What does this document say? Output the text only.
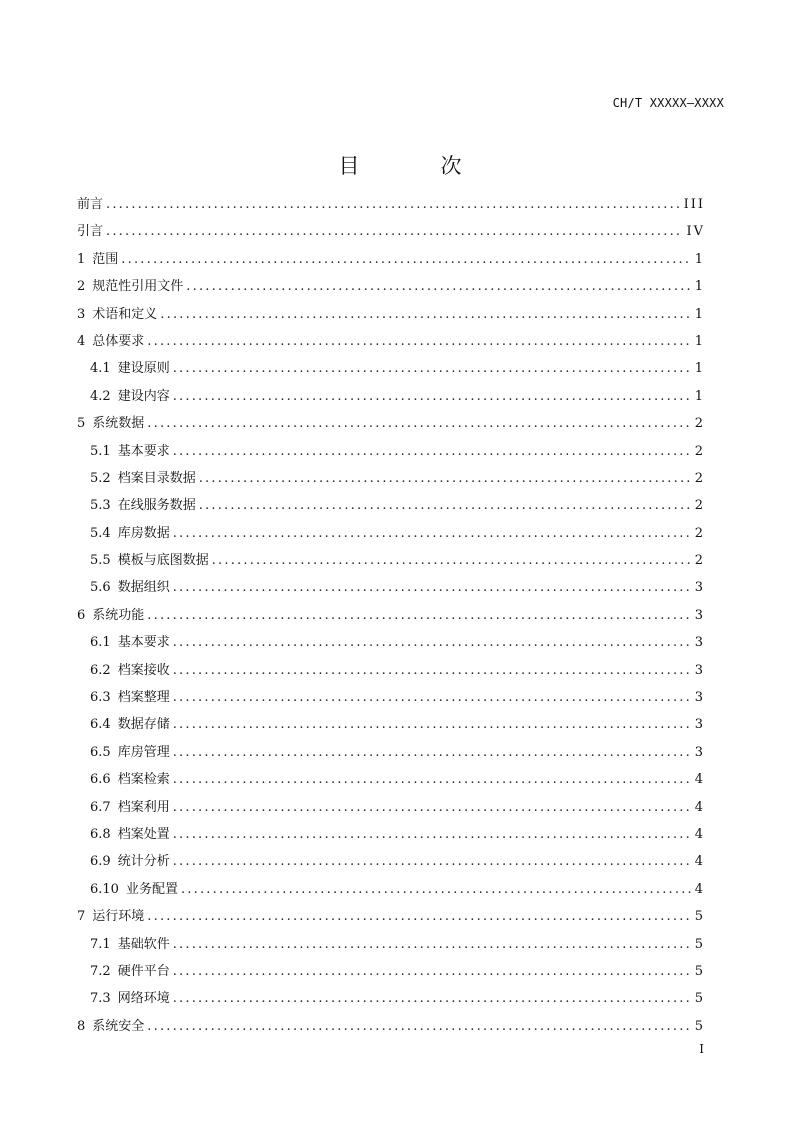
CH/T XXXXX—XXXX
目　次
前言 .....	III
引言 .....	IV
1 范围 .....	1
2 规范性引用文件 .....	1
3 术语和定义 .....	1
4 总体要求 .....	1
4.1 建设原则 .....	1
4.2 建设内容 .....	1
5 系统数据 .....	2
5.1 基本要求 .....	2
5.2 档案目录数据 .....	2
5.3 在线服务数据 .....	2
5.4 库房数据 .....	2
5.5 模板与底图数据 .....	2
5.6 数据组织 .....	3
6 系统功能 .....	3
6.1 基本要求 .....	3
6.2 档案接收 .....	3
6.3 档案整理 .....	3
6.4 数据存储 .....	3
6.5 库房管理 .....	3
6.6 档案检索 .....	4
6.7 档案利用 .....	4
6.8 档案处置 .....	4
6.9 统计分析 .....	4
6.10 业务配置 .....	4
7 运行环境 .....	5
7.1 基础软件 .....	5
7.2 硬件平台 .....	5
7.3 网络环境 .....	5
8 系统安全 .....	5
I
